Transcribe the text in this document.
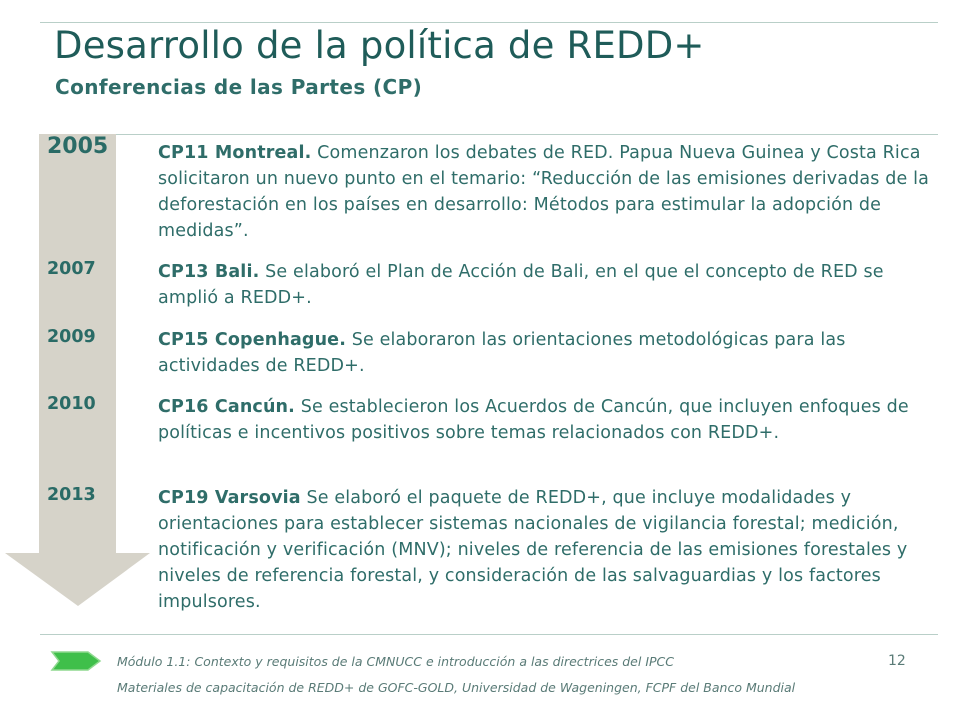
Desarrollo de la política de REDD+
Conferencias de las Partes (CP)
2005	CP11 Montreal. Comenzaron los debates de RED. Papua Nueva Guinea y Costa Rica solicitaron un nuevo punto en el temario: “Reducción de las emisiones derivadas de la deforestación en los países en desarrollo: Métodos para estimular la adopción de medidas”.
2007	CP13 Bali. Se elaboró el Plan de Acción de Bali, en el que el concepto de RED se amplió a REDD+.
2009	CP15 Copenhague. Se elaboraron las orientaciones metodológicas para las actividades de REDD+.
2010	CP16 Cancún. Se establecieron los Acuerdos de Cancún, que incluyen enfoques de políticas e incentivos positivos sobre temas relacionados con REDD+.
2013	CP19 Varsovia Se elaboró el paquete de REDD+, que incluye modalidades y orientaciones para establecer sistemas nacionales de vigilancia forestal; medición, notificación y verificación (MNV); niveles de referencia de las emisiones forestales y niveles de referencia forestal, y consideración de las salvaguardias y los factores impulsores.
Módulo 1.1: Contexto y requisitos de la CMNUCC e introducción a las directrices del IPCC	12
Materiales de capacitación de REDD+ de GOFC-GOLD, Universidad de Wageningen, FCPF del Banco Mundial
